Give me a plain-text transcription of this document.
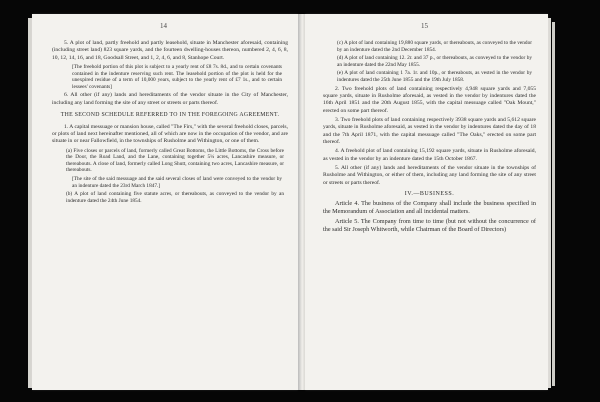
14

5. A plot of land, partly freehold and partly leasehold, situate in Manchester aforesaid, containing (including street land) 823 square yards, and the fourteen dwelling-houses thereon, numbered 2, 4, 6, 8, 10, 12, 14, 16, and 18, Goodsall Street, and 1, 2, 4, 6, and 8, Stanhope Court.

[The freehold portion of this plot is subject to a yearly rent of £8 7s. 8d., and to certain covenants contained in the indenture reserving such rent. The leasehold portion of the plot is held for the unexpired residue of a term of 10,000 years, subject to the yearly rent of £7 1s., and to certain lessees' covenants]

6. All other (if any) lands and hereditaments of the vendor situate in the City of Manchester, including any land forming the site of any street or streets or parts thereof.

THE SECOND SCHEDULE REFERRED TO IN THE FOREGOING AGREEMENT.

1. A capital messuage or mansion house, called "The Firs," with the several freehold closes, parcels, or plots of land next hereinafter mentioned, all of which are now in the occupation of the vendor, and are situate in or near Fallowfield, in the townships of Rusholme and Withington, or one of them.

(a) Five closes or parcels of land, formerly called Great Bottoms, the Little Bottoms, the Cross before the Door, the Road Land, and the Lane, containing together 5¼ acres, Lancashire measure, or thereabouts. A close of land, formerly called Long Shutt, containing two acres, Lancashire measure, or thereabouts.

[The site of the said messuage and the said several closes of land were conveyed to the vendor by an indenture dated the 23rd March 1847.]

(b) A plot of land containing five statute acres, or thereabouts, as conveyed to the vendor by an indenture dated the 24th June 1854.

15

(c) A plot of land containing 19,880 square yards, or thereabouts, as conveyed to the vendor by an indenture dated the 2nd December 1854.

(d) A plot of land containing 12. 2r. and 37 p., or thereabouts, as conveyed to the vendor by an indenture dated the 22nd May 1855.

(e) A plot of land containing 1 7a. 1r. and 10p., or thereabouts, as vested in the vendor by indentures dated the 25th June 1855 and the 19th July 1858.

2. Two freehold plots of land containing respectively 4,948 square yards and 7,055 square yards, situate in Rusholme aforesaid, as vested in the vendor by indentures dated the 16th April 1851 and the 20th August 1855, with the capital messuage called "Oak Mount," erected on some part thereof.

3. Two freehold plots of land containing respectively 3938 square yards and 5,612 square yards, situate in Rusholme aforesaid, as vested in the vendor by indentures dated the day of 18 and the 7th April 1871, with the capital messuage called "The Oaks," erected on some part thereof.

4. A freehold plot of land containing 15,192 square yards, situate in Rusholme aforesaid, as vested in the vendor by an indenture dated the 15th October 1867.

5. All other (if any) lands and hereditaments of the vendor situate in the townships of Rusholme and Withington, or either of them, including any land forming the site of any street or streets or parts thereof.

IV.—BUSINESS.

Article 4. The business of the Company shall include the business specified in the Memorandum of Association and all incidental matters.

Article 5. The Company from time to time (but not without the concurrence of the said Sir Joseph Whitworth, while Chairman of the Board of Directors)
